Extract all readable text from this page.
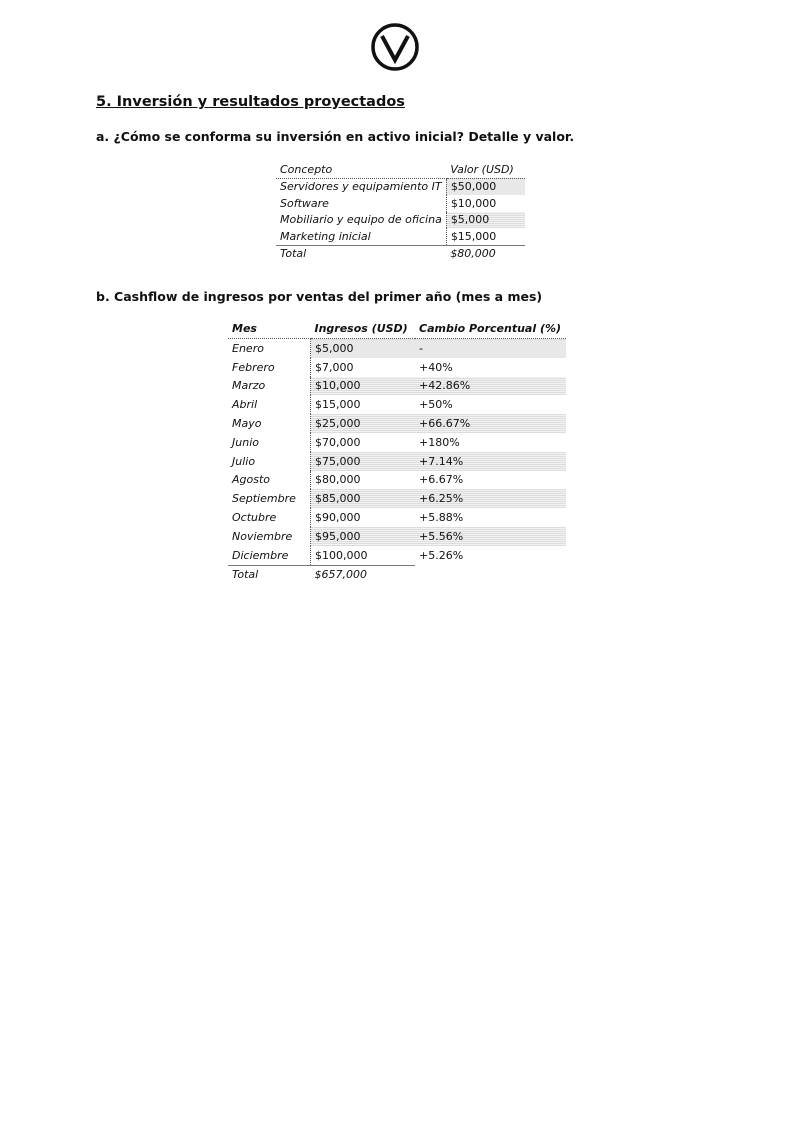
5. Inversión y resultados proyectados
a. ¿Cómo se conforma su inversión en activo inicial? Detalle y valor.
Concepto	Valor (USD)
Servidores y equipamiento IT	$50,000
Software	$10,000
Mobiliario y equipo de oficina	$5,000
Marketing inicial	$15,000
Total	$80,000
b. Cashflow de ingresos por ventas del primer año (mes a mes)
Mes	Ingresos (USD)	Cambio Porcentual (%)
Enero	$5,000	-
Febrero	$7,000	+40%
Marzo	$10,000	+42.86%
Abril	$15,000	+50%
Mayo	$25,000	+66.67%
Junio	$70,000	+180%
Julio	$75,000	+7.14%
Agosto	$80,000	+6.67%
Septiembre	$85,000	+6.25%
Octubre	$90,000	+5.88%
Noviembre	$95,000	+5.56%
Diciembre	$100,000	+5.26%
Total	$657,000	
